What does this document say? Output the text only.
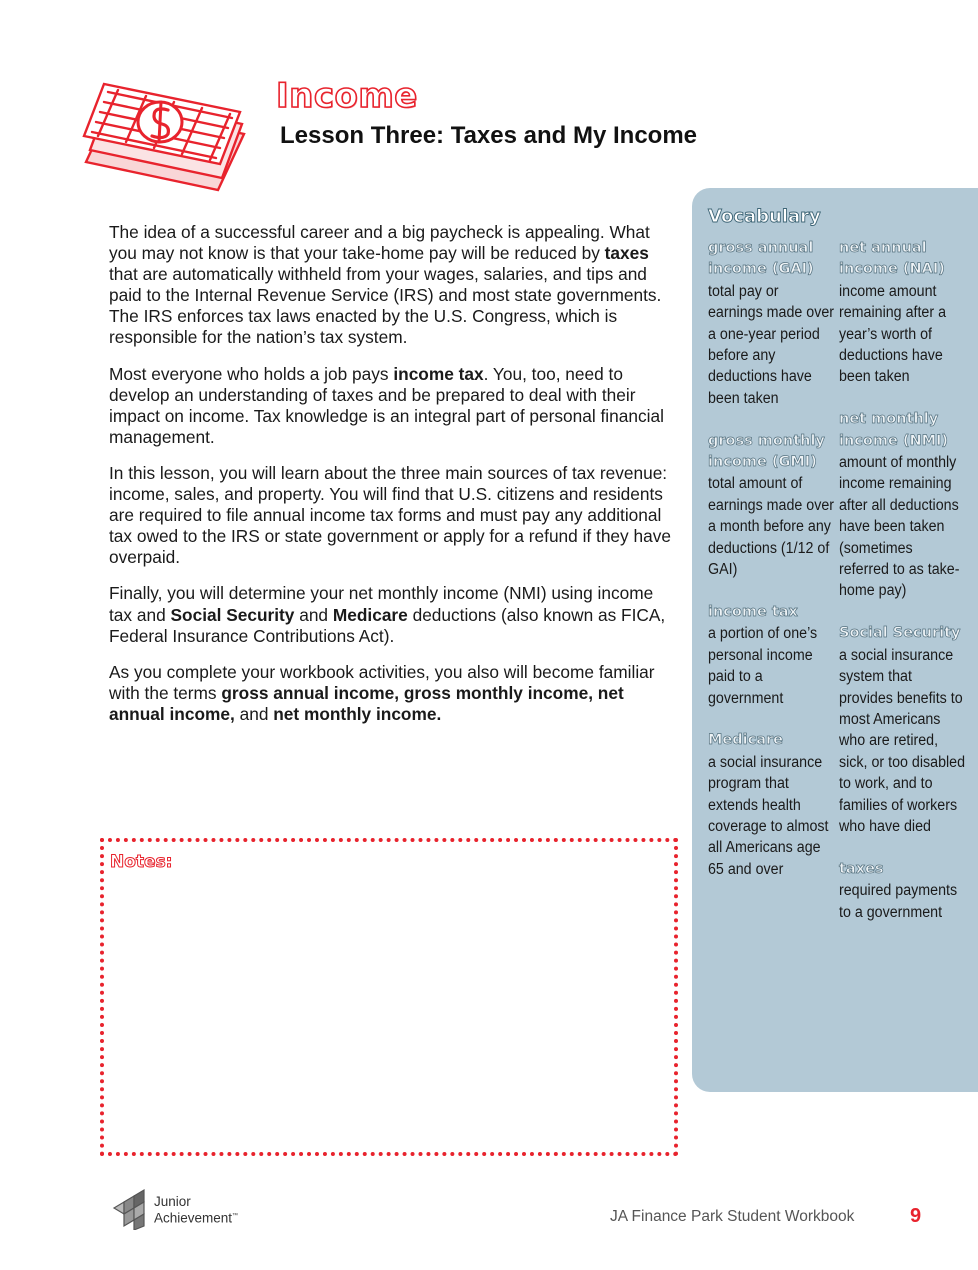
Income
Lesson Three: Taxes and My Income

The idea of a successful career and a big paycheck is appealing. What you may not know is that your take-home pay will be reduced by taxes that are automatically withheld from your wages, salaries, and tips and paid to the Internal Revenue Service (IRS) and most state governments. The IRS enforces tax laws enacted by the U.S. Congress, which is responsible for the nation’s tax system.

Most everyone who holds a job pays income tax. You, too, need to develop an understanding of taxes and be prepared to deal with their impact on income. Tax knowledge is an integral part of personal financial management.

In this lesson, you will learn about the three main sources of tax revenue: income, sales, and property. You will find that U.S. citizens and residents are required to file annual income tax forms and must pay any additional tax owed to the IRS or state government or apply for a refund if they have overpaid.

Finally, you will determine your net monthly income (NMI) using income tax and Social Security and Medicare deductions (also known as FICA, Federal Insurance Contributions Act).

As you complete your workbook activities, you also will become familiar with the terms gross annual income, gross monthly income, net annual income, and net monthly income.

Notes:
Vocabulary
gross annual income (GAI)
total pay or earnings made over a one-year period before any deductions have been taken
gross monthly income (GMI)
total amount of earnings made over a month before any deductions (1/12 of GAI)
income tax
a portion of one’s personal income paid to a government
Medicare
a social insurance program that extends health coverage to almost all Americans age 65 and over
net annual income (NAI)
income amount remaining after a year’s worth of deductions have been taken
net monthly income (NMI)
amount of monthly income remaining after all deductions have been taken (sometimes referred to as take-home pay)
Social Security
a social insurance system that provides benefits to most Americans who are retired, sick, or too disabled to work, and to families of workers who have died
taxes
required payments to a government
Junior
Achievement™	JA Finance Park Student Workbook	9
